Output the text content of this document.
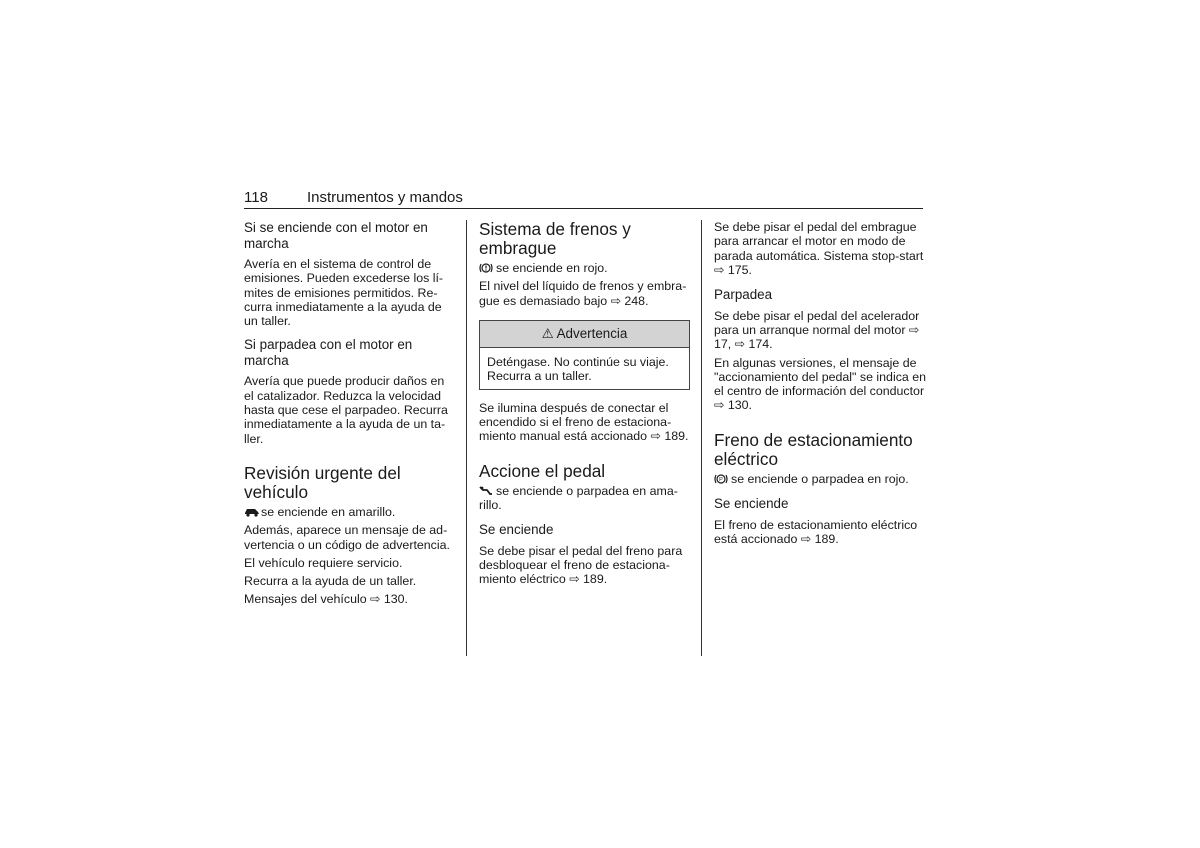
118	Instrumentos y mandos
Si se enciende con el motor en marcha

Avería en el sistema de control de emisiones. Pueden excederse los límites de emisiones permitidos. Recurra inmediatamente a la ayuda de un taller.

Si parpadea con el motor en marcha

Avería que puede producir daños en el catalizador. Reduzca la velocidad hasta que cese el parpadeo. Recurra inmediatamente a la ayuda de un taller.

Revisión urgente del vehículo

se enciende en amarillo.

Además, aparece un mensaje de advertencia o un código de advertencia.

El vehículo requiere servicio.

Recurra a la ayuda de un taller.

Mensajes del vehículo ⇨ 130.

Sistema de frenos y embrague

se enciende en rojo.

El nivel del líquido de frenos y embrague es demasiado bajo ⇨ 248.

⚠ Advertencia
Deténgase. No continúe su viaje. Recurra a un taller.

Se ilumina después de conectar el encendido si el freno de estacionamiento manual está accionado ⇨ 189.

Accione el pedal

se enciende o parpadea en amarillo.

Se enciende

Se debe pisar el pedal del freno para desbloquear el freno de estacionamiento eléctrico ⇨ 189.

Se debe pisar el pedal del embrague para arrancar el motor en modo de parada automática. Sistema stop-start ⇨ 175.

Parpadea

Se debe pisar el pedal del acelerador para un arranque normal del motor ⇨ 17, ⇨ 174.

En algunas versiones, el mensaje de "accionamiento del pedal" se indica en el centro de información del conductor ⇨ 130.

Freno de estacionamiento eléctrico

P se enciende o parpadea en rojo.

Se enciende

El freno de estacionamiento eléctrico está accionado ⇨ 189.
